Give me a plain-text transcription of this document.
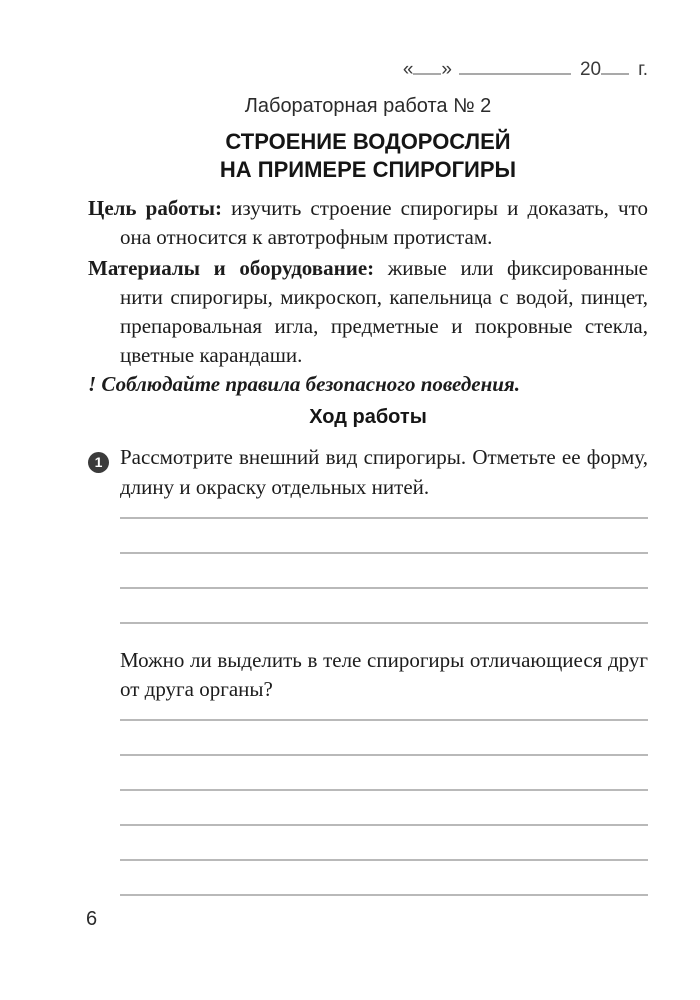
« »	20 г.
Лабораторная работа № 2
СТРОЕНИЕ ВОДОРОСЛЕЙ
НА ПРИМЕРЕ СПИРОГИРЫ
Цель работы: изучить строение спирогиры и доказать, что она относится к автотрофным протистам.
Материалы и оборудование: живые или фиксированные нити спирогиры, микроскоп, капельница с водой, пинцет, препаровальная игла, предметные и покровные стекла, цветные карандаши.
! Соблюдайте правила безопасного поведения.
Ход работы
1 Рассмотрите внешний вид спирогиры. Отметьте ее форму, длину и окраску отдельных нитей.
Можно ли выделить в теле спирогиры отличающиеся друг от друга органы?
6
